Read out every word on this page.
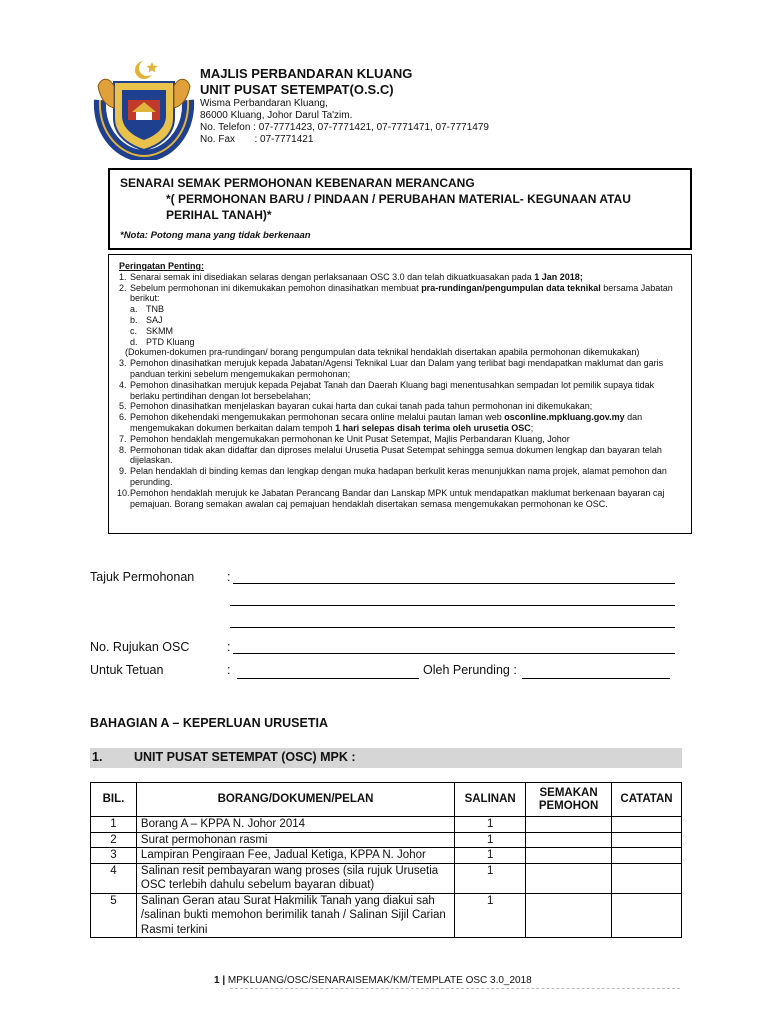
MAJLIS PERBANDARAN KLUANG
UNIT PUSAT SETEMPAT(O.S.C)
Wisma Perbandaran Kluang,
86000 Kluang, Johor Darul Ta'zim.
No. Telefon : 07-7771423, 07-7771421, 07-7771471, 07-7771479
No. Fax       : 07-7771421
SENARAI SEMAK PERMOHONAN KEBENARAN MERANCANG
*( PERMOHONAN BARU / PINDAAN / PERUBAHAN MATERIAL- KEGUNAAN ATAU
PERIHAL TANAH)*
*Nota: Potong mana yang tidak berkenaan
Peringatan Penting:
1. Senarai semak ini disediakan selaras dengan perlaksanaan OSC 3.0 dan telah dikuatkuasakan pada 1 Jan 2018;
2. Sebelum permohonan ini dikemukakan pemohon dinasihatkan membuat pra-rundingan/pengumpulan data teknikal bersama Jabatan berikut:
a. TNB
b. SAJ
c. SKMM
d. PTD Kluang
(Dokumen-dokumen pra-rundingan/ borang pengumpulan data teknikal hendaklah disertakan apabila permohonan dikemukakan)
3. Pemohon dinasihatkan merujuk kepada Jabatan/Agensi Teknikal Luar dan Dalam yang terlibat bagi mendapatkan maklumat dan garis panduan terkini sebelum mengemukakan permohonan;
4. Pemohon dinasihatkan merujuk kepada Pejabat Tanah dan Daerah Kluang bagi menentusahkan sempadan lot pemilik supaya tidak berlaku pertindihan dengan lot bersebelahan;
5. Pemohon dinasihatkan menjelaskan bayaran cukai harta dan cukai tanah pada tahun permohonan ini dikemukakan;
6. Pemohon dikehendaki mengemukakan permohonan secara online melalui pautan laman web osconline.mpkluang.gov.my dan mengemukakan dokumen berkaitan dalam tempoh 1 hari selepas disah terima oleh urusetia OSC;
7. Pemohon hendaklah mengemukakan permohonan ke Unit Pusat Setempat, Majlis Perbandaran Kluang, Johor
8. Permohonan tidak akan didaftar dan diproses melalui Urusetia Pusat Setempat sehingga semua dokumen lengkap dan bayaran telah dijelaskan.
9. Pelan hendaklah di binding kemas dan lengkap dengan muka hadapan berkulit keras menunjukkan nama projek, alamat pemohon dan perunding.
10. Pemohon hendaklah merujuk ke Jabatan Perancang Bandar dan Lanskap MPK untuk mendapatkan maklumat berkenaan bayaran caj pemajuan. Borang semakan awalan caj pemajuan hendaklah disertakan semasa mengemukakan permohonan ke OSC.
Tajuk Permohonan	:
No. Rujukan OSC	:
Untuk Tetuan	:	Oleh Perunding :
BAHAGIAN A – KEPERLUAN URUSETIA
1.	UNIT PUSAT SETEMPAT (OSC) MPK :
BIL.	BORANG/DOKUMEN/PELAN	SALINAN	SEMAKAN PEMOHON	CATATAN
1	Borang A – KPPA N. Johor 2014	1		
2	Surat permohonan rasmi	1		
3	Lampiran Pengiraan Fee, Jadual Ketiga, KPPA N. Johor	1		
4	Salinan resit pembayaran wang proses (sila rujuk Urusetia OSC terlebih dahulu sebelum bayaran dibuat)	1		
5	Salinan Geran atau Surat Hakmilik Tanah yang diakui sah /salinan bukti memohon berimilik tanah / Salinan Sijil Carian Rasmi terkini	1		
1 | MPKLUANG/OSC/SENARAISEMAK/KM/TEMPLATE OSC 3.0_2018
